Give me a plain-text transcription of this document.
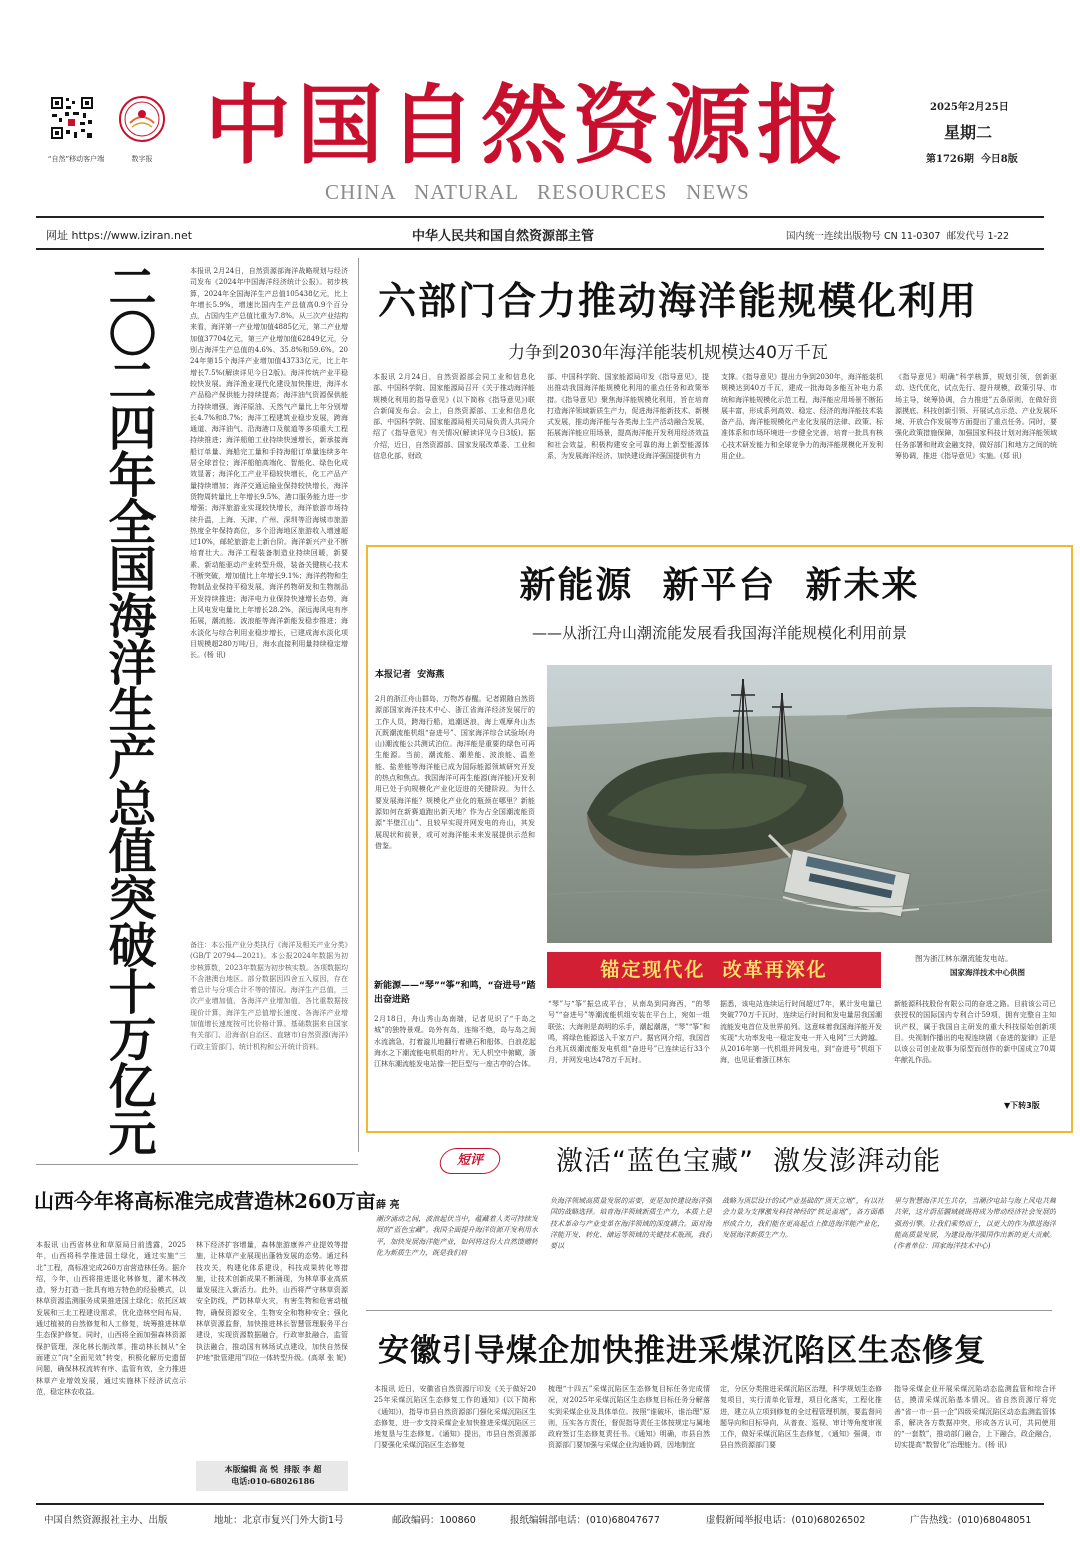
“自然”移动客户端	数字报 中国自然资源报
CHINA   NATURAL   RESOURCES   NEWS
2025年2月25日
星期二
第1726期  今日8版
网址 https://www.iziran.net	中华人民共和国自然资源部主管	国内统一连续出版物号 CN 11-0307  邮发代号 1-22
二〇二四年全国海洋生产总值突破十万亿元	本报讯 2月24日，自然资源部海洋战略规划与经济司发布《2024年中国海洋经济统计公报》。初步核算，2024年全国海洋生产总值105438亿元，比上年增长5.9%，增速比国内生产总值高0.9个百分点，占国内生产总值比重为7.8%。从三次产业结构来看，海洋第一产业增加值4885亿元，第二产业增加值37704亿元，第三产业增加值62849亿元，分别占海洋生产总值的4.6%、35.8%和59.6%。2024年第15个海洋产业增加值43733亿元，比上年增长7.5%(解读详见今日2版)。海洋传统产业平稳较快发展。海洋渔业现代化建设加快推进，海洋水产品稳产保供能力持续提高；海洋油气资源保供能力持续增强，海洋原油、天然气产量比上年分别增长4.7%和8.7%；海洋工程建筑业稳步发展，跨海通道、海洋油气、沿海港口及航道等多项重大工程持续推进；海洋船舶工业持续快速增长，新承接海船订单量、海船完工量和手持海船订单量连续多年居全球首位；海洋船舶高端化、智能化、绿色化成效显著；海洋化工产业平稳较快增长，化工产品产量持续增加；海洋交通运输业保持较快增长，海洋货物周转量比上年增长9.5%，港口服务能力进一步增强；海洋旅游业实现较快增长，海洋旅游市场持续升温，上海、天津、广州、深圳等沿海城市旅游热度全年保持高位，多个沿海地区旅游收入增速超过10%，邮轮旅游走上新台阶。海洋新兴产业不断培育壮大。海洋工程装备制造业持续回暖，新要素、新动能驱动产业转型升级，装备关键核心技术不断突破，增加值比上年增长9.1%；海洋药物和生物制品业保持平稳发展，海洋药物研发和生物制品开发持续推进；海洋电力业保持快速增长态势，海上风电发电量比上年增长28.2%，深远海风电有序拓展，潮流能、波浪能等海洋新能发稳步推进；海水淡化与综合利用业稳步增长，已建成海水淡化项目规模超280万吨/日，海水直接利用量持续稳定增长。(杨 讯)
备注：本公报产业分类执行《海洋及相关产业分类》(GB/T 20794—2021)。本公报2024年数据为初步核算数，2023年数据为初步核实数。各项数据均不含港澳台地区。部分数据因四舍五入原因，存在着总计与分项合计不等的情况。海洋生产总值，三次产业增加值、各海洋产业增加值，各比重数据按现价计算，海洋生产总值增长速度、各海洋产业增加值增长速度按可比价格计算。基础数据来自国家有关部门、沿海省(自治区、直辖市)自然资源(海洋)行政主管部门、统计机构和公开统计资料。
六部门合力推动海洋能规模化利用
力争到2030年海洋能装机规模达40万千瓦
本报讯 2月24日，自然资源部会同工业和信息化部、中国科学院、国家能源局召开《关于推动海洋能规模化利用的指导意见》(以下简称《指导意见》)联合新闻发布会。会上，自然资源部、工业和信息化部、中国科学院、国家能源局相关司局负责人共同介绍了《指导意见》有关情况(解读详见今日3版)。据介绍，近日，自然资源部、国家发展改革委、工业和信息化部、财政
部、中国科学院、国家能源局印发《指导意见》，提出推动我国海洋能规模化利用的重点任务和政策举措。《指导意见》聚焦海洋能规模化利用，旨在培育打造海洋领域新质生产力，促进海洋能新技术、新模式发展，推动海洋能与各类海上生产活动融合发展，拓展海洋能应用场景，提高海洋能开发利用经济效益和社会效益，积极构建安全可靠的海上新型能源体系，为发展海洋经济、加快建设海洋强国提供有力
支撑。《指导意见》提出力争到2030年，海洋能装机规模达到40万千瓦，建成一批海岛多能互补电力系统和海洋能规模化示范工程，海洋能应用场景不断拓展丰富，形成系列高效、稳定、经济的海洋能技术装备产品，海洋能规模化产业化发展的法律、政策、标准体系和市场环境进一步健全完善，培育一批具有核心技术研发能力和全球竞争力的海洋能规模化开发利用企业。
《指导意见》明确“科学核算，规划引领，创新驱动、迭代优化，试点先行、提升规模，政策引导、市场主导，统筹协调，合力推进”五条原则，在做好资源摸底、科技创新引领、开展试点示范、产业发展环境、开放合作发展等方面提出了重点任务。同时，要强化政策措施保障，加强国家科技计划对海洋能领域任务部署和财政金融支持，做好部门和地方之间的统筹协调，推进《指导意见》实施。(郑 讯)
新能源  新平台  新未来
——从浙江舟山潮流能发展看我国海洋能规模化利用前景
本报记者  安海燕
2月的浙江舟山群岛，万物苏春醒。记者跟随自然资源部国家海洋技术中心、浙江省海洋经济发展厅的工作人员，跨海行船，追潮逐浪，海上观摩舟山杰瓦既潮流能机组“奋进号”、国家海洋综合试验场(舟山)潮流能公共测试泊位。海洋能是重要的绿色可再生能源。当前，潮流能、潮差能、波浪能、温差能、盐差能等海洋能已成为国际能源领域研究开发的热点和焦点。我国海洋可再生能源(海洋能)开发利用已处于向规模化产业化迈进的关键阶段。为什么要发展海洋能？规模化产业化的瓶颈在哪里？新能源如何在新赛道跑出新天地？作为占全国潮流能资源“半壁江山”、且较早实现并网发电的舟山，其发展现状和前景，或可对海洋能未来发展提供示范和借鉴。
图为浙江林东潮流能发电站。
国家海洋技术中心供图
锚定现代化  改革再深化
新能源——“琴”“筝”和鸣，“奋进号”踏出奋进路
2月18日，舟山秀山岛南端，记者见识了“千岛之城”的独特景观。岛外有岛，连绵不绝，岛与岛之间水流湍急，打着漩儿地翻行着礁石和船体，白浪花起海水之下潮流能电机组的叶片。无人机空中俯瞰，浙江林东潮流能发电站像一把巨型与一座古亭的合体。
“琴”与“筝”振总成平台，从南岛到同海西，“的琴号”“奋进号”等潮流能机组安装在平台上，宛如一组联弦；大海则是高明的乐手，潮起潮落，“琴”“筝”和鸣，将绿色能源送入千家万户。据官网介绍，我国首台兆瓦级潮流能发电机组“奋进号”已连续运行33个月，并网发电达478万千瓦时。
据悉，该电站连续运行时间超过7年，累计发电量已突破770万千瓦时，连续运行时间和发电量居我国潮流能发电首位及世界前列。这意味着我国海洋能开发实现“大功率发电一稳定发电一并入电网”三大跨越。从2016年第一代机组并网发电，到“奋进号”机组下海，也见证着浙江林东
新能源科技股份有限公司的奋进之路。目前该公司已获授权的国际国内专利合计59项，拥有完整自主知识产权，属于我国自主研发的重大科技原始创新项目。央视制作播出的电视连续剧《奋进的旋律》正是以该公司创业故事为原型而创作的新中国成立70周年献礼作品。
▼下转3版
短评	激活“蓝色宝藏”  激发澎湃动能
薛 亮
潮汐涌动之间，波浪起伏当中，蕴藏着人类可持续发展的“蓝色宝藏”。我国全面提升海洋资源开发利用水平，加快发展海洋能产业，如何将这份大自然馈赠转化为新质生产力，既是我们肩
负海洋领域高质量发展的需要，更是加快建设海洋强国的战略选择。培育海洋领域新质生产力，本质上是技术革命与产业变革在海洋领域的深度耦合。面对海洋能开发、转化、储运等领域的关键技术瓶颈，我们要以
战略为顶层设计的试产业基础的“顶天立地”，有以社会力量为支撑激发科技神经的“铁足盖地”，各方面都形成合力，我们能在更高起点上推进海洋能产业化，发展海洋新质生产力。
里与智慧海洋共生共存，当潮汐电站与海上风电共舞共荣，这片蔚蓝疆域就既将成为带动经济社会发展的强劲引擎。让我们乘势而上，以更大的作为推进海洋能高质量发展，为建设海洋强国作出新的更大贡献。(作者单位：国家海洋技术中心)
山西今年将高标准完成营造林260万亩
本报讯 山西省林业和草原局日前透露，2025年，山西将科学推进国土绿化，通过实施“三北”工程，高标准完成260万亩营造林任务。据介绍，今年，山西将推进退化林修复，灌木林改造，努力打造一批具有地方特色的经验模式，以林草资源监测服务成果推进国土绿化；依托区域发展和三北工程建设需求，优化造林空间布局，通过植被的自然修复和人工修复，统筹推进林草生态保护修复。同时，山西将全面加强森林资源保护管理，深化林长制改革，推动林长制从“全面建立”向“全面见效”转变，积极化解历史遗留问题，确保林权流转有序、监管有效，全力推进林草产业增效发展，通过实施林下经济试点示范，稳定林农收益。
林下经济扩容增量，森林旅游康养产业提效等措施，让林草产业展现出蓬勃发展的态势。通过科技攻关，构建化体系建设，科技成果转化等措施，让技术创新成果不断涌现，为林草事业高质量发展注入新活力。此外，山西将严守林草资源安全防线，严防林草火灾，有害生物和危害动植物，确保资源安全，生物安全和物种安全；强化林草资源监督，加快推进林长智慧管理服务平台建设，实现资源数据融合，行政审批融合，监管执法融合，推动国有林场试点建设，加快自然保护地“批管建用”四位一体转型升级。(高翠 张 妮)
本版编辑 高 悦  排版 李 超
电话:010-68026186
安徽引导煤企加快推进采煤沉陷区生态修复
本报讯 近日，安徽省自然资源厅印发《关于做好2025年采煤沉陷区生态修复工作的通知》(以下简称《通知》)，指导市县自然资源部门强化采煤沉陷区生态修复，进一步支持采煤企业加快推进采煤沉陷区三地复垦与生态修复。《通知》提出，市县自然资源部门要强化采煤沉陷区生态修复
梳理“十四五”采煤沉陷区生态修复目标任务完成情况，对2025年采煤沉陷区生态修复目标任务分解落实到采煤企业及具体单位。按照“谁破坏，谁治理”原则，压实各方责任，督促指导责任主体按规定与属地政府签订生态修复责任书。《通知》明确，市县自然资源部门要加强与采煤企业沟通协调，因地制宜
定，分区分类推进采煤沉陷区治理，科学规划生态修复项目，实行清单化管理，项目化落实，工程化推进，建立从立项到修复的全过程管理机制，要监督问题导向和目标导向，从普查、巡视、审计等角度审视工作，做好采煤沉陷区生态修复，《通知》强调，市县自然资源部门要
指导采煤企业开展采煤沉陷动态监测监管和综合评估，摸清采煤沉陷基本情况。省自然资源厅将完善“省一市一县一企”四级采煤沉陷区动态监测监管体系，解决各方数据冲突，形成各方认可，共同使用的“一套数”，推动部门融合，上下融合，政企融合，切实提高“数智化”治理能力。(杨 讯)
中国自然资源报社主办、出版	地址：北京市复兴门外大街1号	邮政编码：100860	报纸编辑部电话：(010)68047677	虚假新闻举报电话：(010)68026502	广告热线：(010)68048051
